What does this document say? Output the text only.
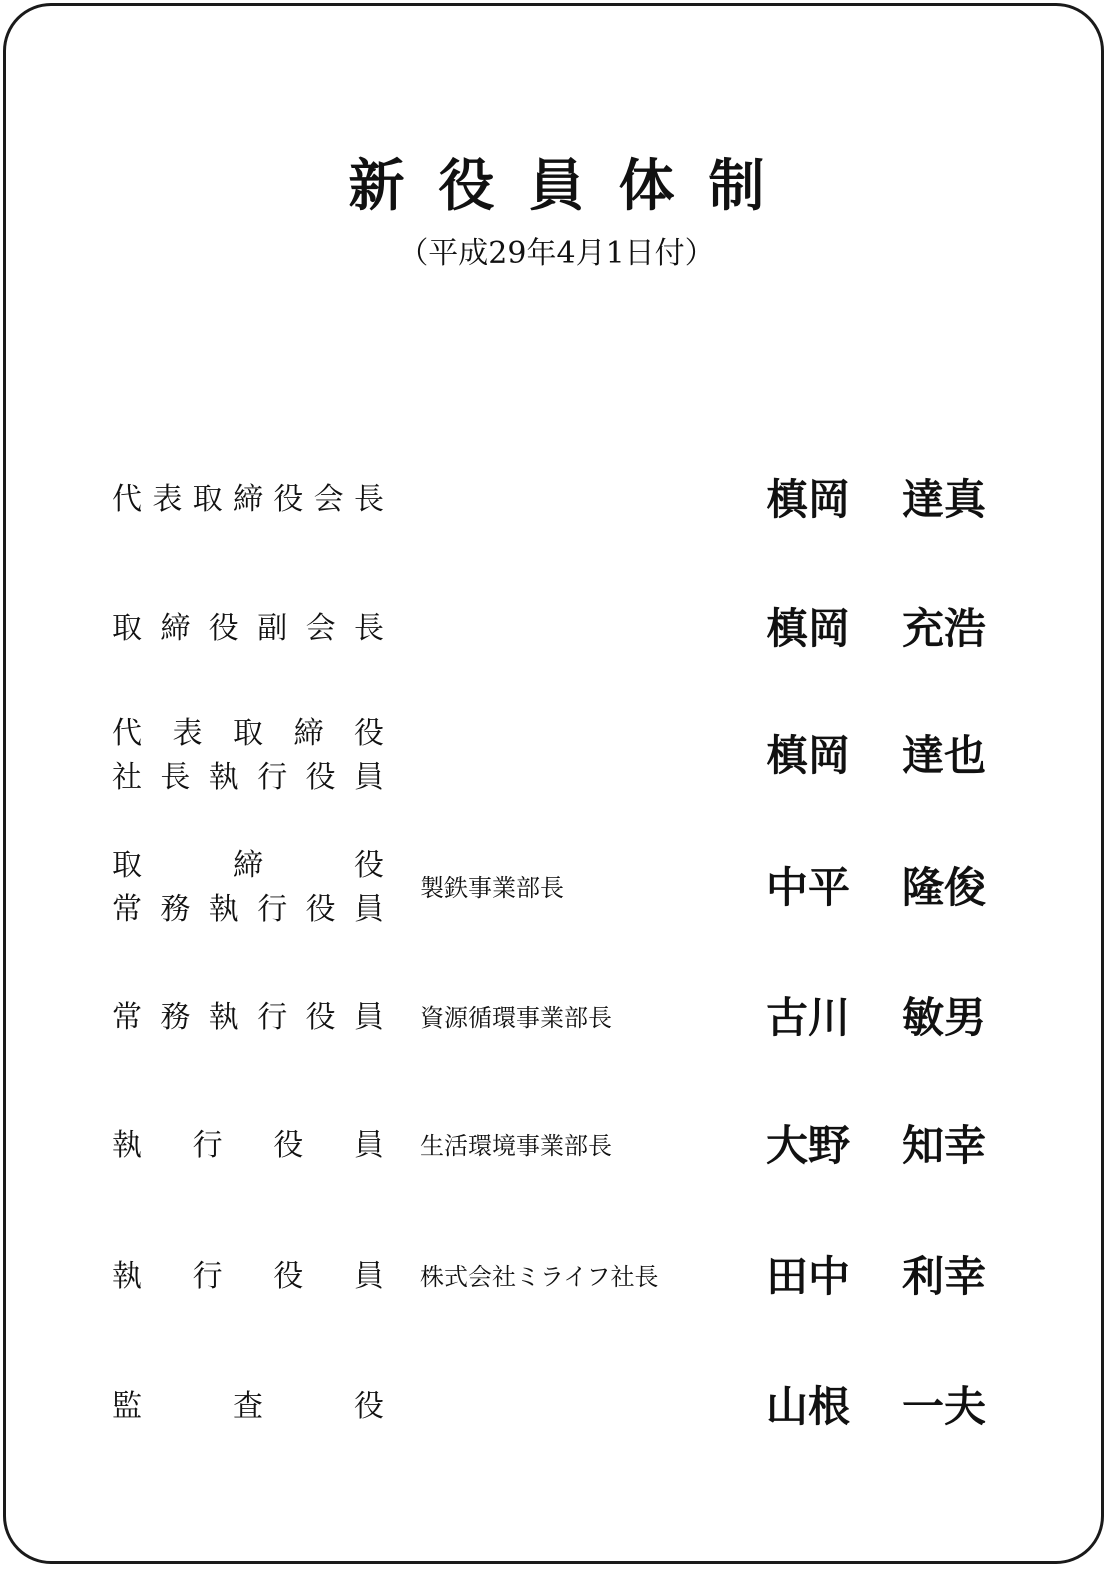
新役員体制
（平成29年4月1日付）
代 表 取 締 役 会 長	槙岡 達真
取 締 役 副 会 長	槙岡 充浩
代 表 取 締 役
社 長 執 行 役 員	槙岡 達也
取 締 役
常 務 執 行 役 員
製鉄事業部長	中平 隆俊
常 務 執 行 役 員 資源循環事業部長	古川 敏男
執 行 役 員 生活環境事業部長	大野 知幸
執 行 役 員 株式会社ミライフ社長	田中 利幸
監 査 役	山根 一夫
